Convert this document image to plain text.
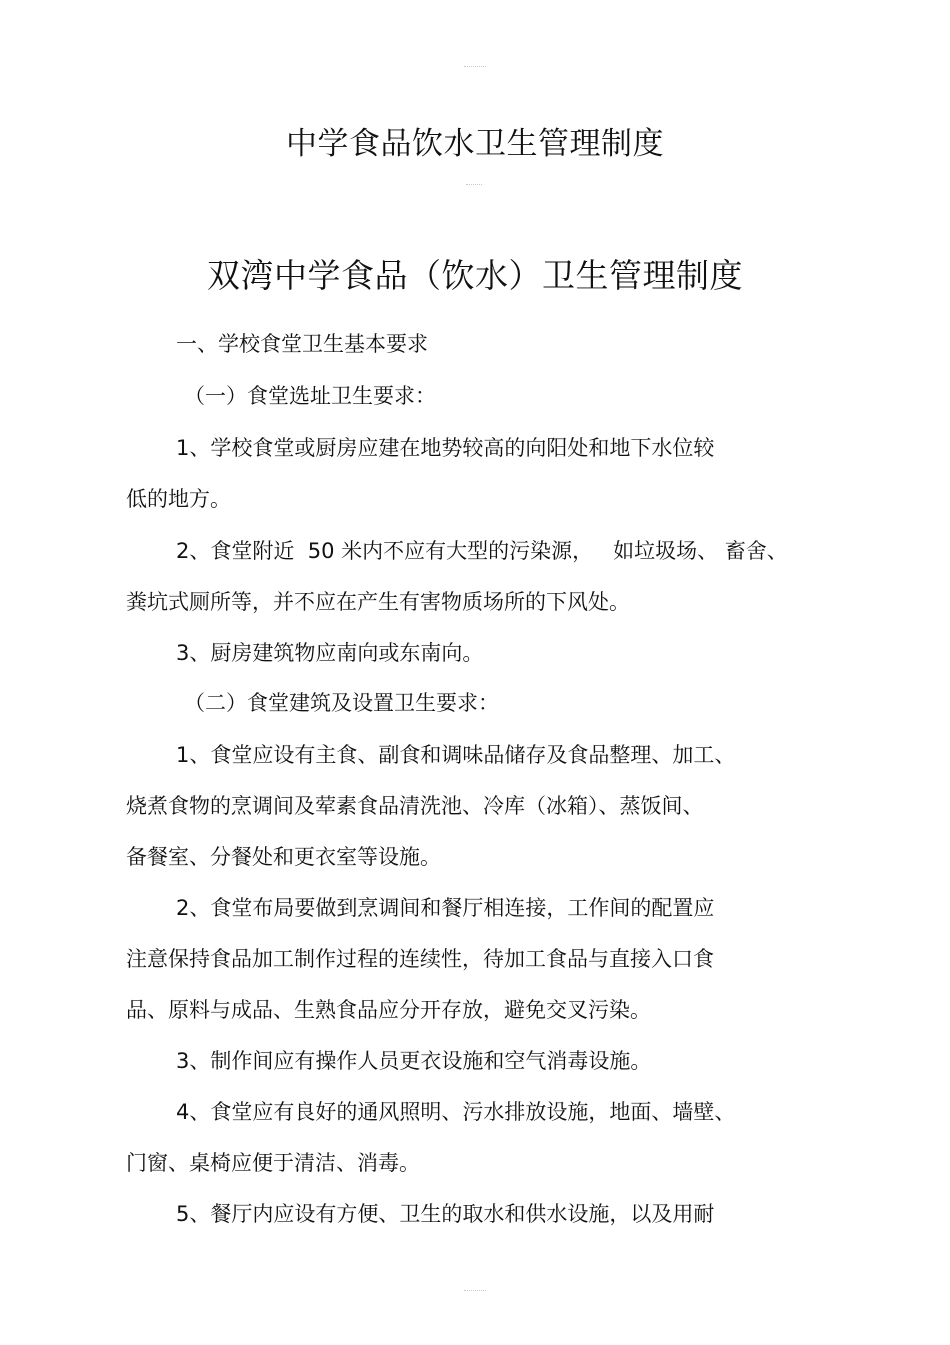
中学食品饮水卫生管理制度
双湾中学食品（饮水）卫生管理制度

一、学校食堂卫生基本要求

（一）食堂选址卫生要求：

1、学校食堂或厨房应建在地势较高的向阳处和地下水位较

低的地方。

2、食堂附近  50 米内不应有大型的污染源，   如垃圾场、 畜舍、

粪坑式厕所等，并不应在产生有害物质场所的下风处。

3、厨房建筑物应南向或东南向。

（二）食堂建筑及设置卫生要求：

1、食堂应设有主食、副食和调味品储存及食品整理、加工、

烧煮食物的烹调间及荤素食品清洗池、冷库（冰箱）、蒸饭间、

备餐室、分餐处和更衣室等设施。

2、食堂布局要做到烹调间和餐厅相连接，工作间的配置应

注意保持食品加工制作过程的连续性，待加工食品与直接入口食

品、原料与成品、生熟食品应分开存放，避免交叉污染。

3、制作间应有操作人员更衣设施和空气消毒设施。

4、食堂应有良好的通风照明、污水排放设施，地面、墙壁、

门窗、桌椅应便于清洁、消毒。

5、餐厅内应设有方便、卫生的取水和供水设施，以及用耐
